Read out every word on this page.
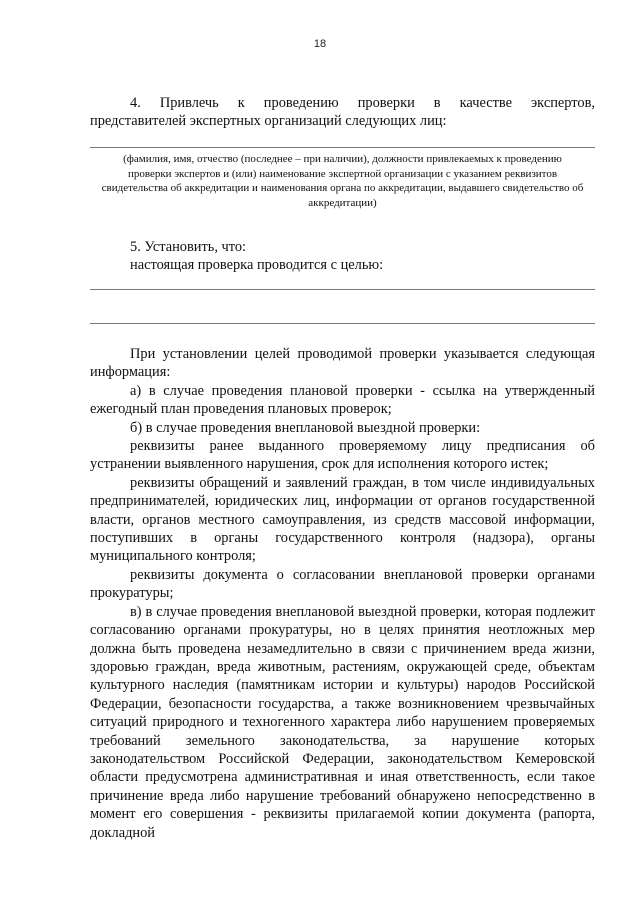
18

4. Привлечь к проведению проверки в качестве экспертов,

представителей экспертных организаций следующих лиц:

(фамилия, имя, отчество (последнее – при наличии), должности привлекаемых к проведению проверки экспертов и (или) наименование экспертной организации с указанием реквизитов свидетельства об аккредитации и наименования органа по аккредитации, выдавшего свидетельство об аккредитации)

5. Установить, что:

настоящая проверка проводится с целью:

При установлении целей проводимой проверки указывается следующая информация:

а) в случае проведения плановой проверки - ссылка на утвержденный ежегодный план проведения плановых проверок;

б) в случае проведения внеплановой выездной проверки:

реквизиты ранее выданного проверяемому лицу предписания об устранении выявленного нарушения, срок для исполнения которого истек;

реквизиты обращений и заявлений граждан, в том числе индивидуальных предпринимателей, юридических лиц, информации от органов государственной власти, органов местного самоуправления, из средств массовой информации, поступивших в органы государственного контроля (надзора), органы муниципального контроля;

реквизиты документа о согласовании внеплановой проверки органами прокуратуры;

в) в случае проведения внеплановой выездной проверки, которая подлежит согласованию органами прокуратуры, но в целях принятия неотложных мер должна быть проведена незамедлительно в связи с причинением вреда жизни, здоровью граждан, вреда животным, растениям, окружающей среде, объектам культурного наследия (памятникам истории и культуры) народов Российской Федерации, безопасности государства, а также возникновением чрезвычайных ситуаций природного и техногенного характера либо нарушением проверяемых требований земельного законодательства, за нарушение которых законодательством Российской Федерации, законодательством Кемеровской области предусмотрена административная и иная ответственность, если такое причинение вреда либо нарушение требований обнаружено непосредственно в момент его совершения - реквизиты прилагаемой копии документа (рапорта, докладной
